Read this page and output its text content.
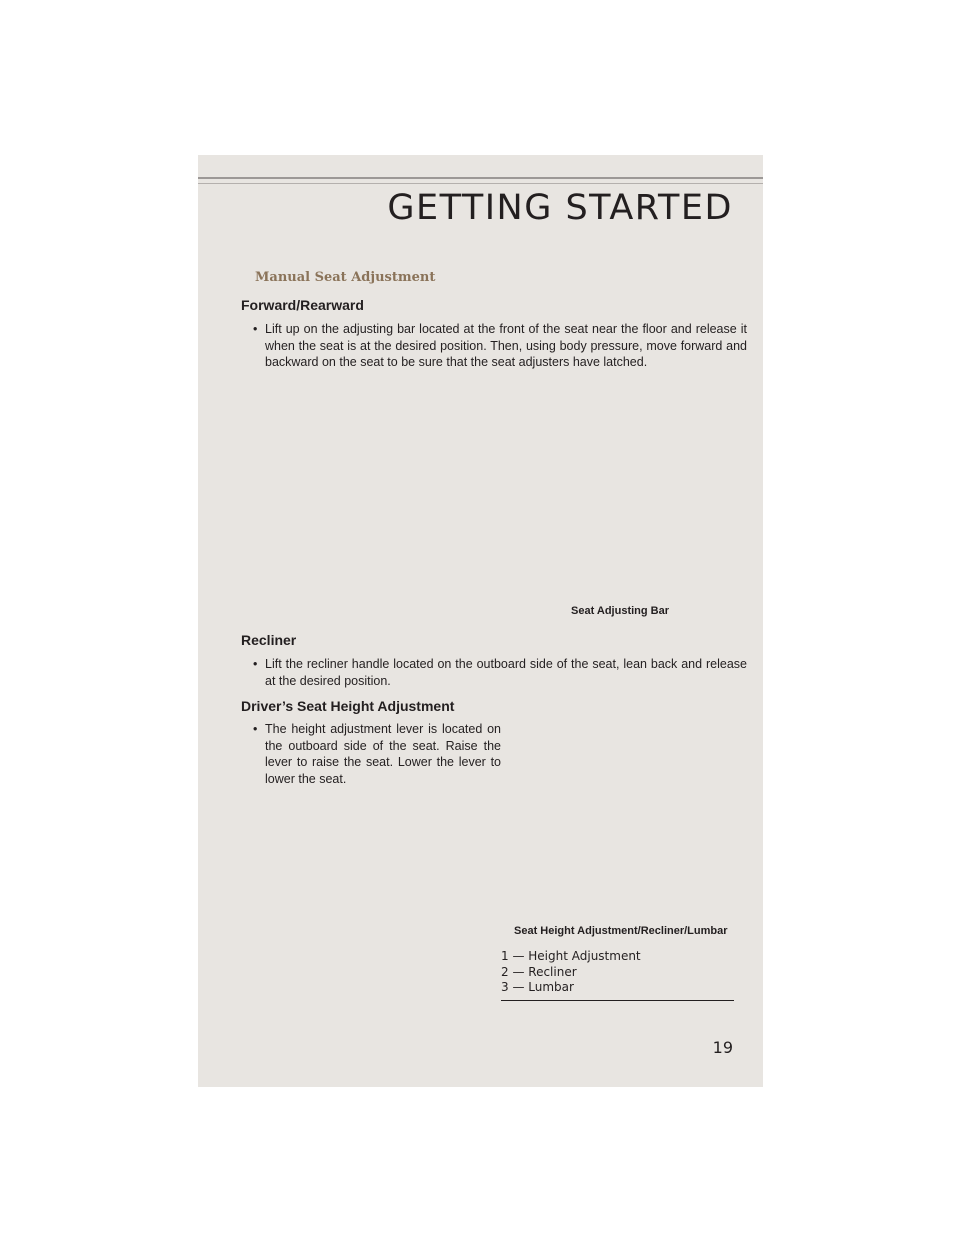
GETTING STARTED
Manual Seat Adjustment
Forward/Rearward

• Lift up on the adjusting bar located at the front of the seat near the floor and release it when the seat is at the desired position. Then, using body pressure, move forward and backward on the seat to be sure that the seat adjusters have latched.

Seat Adjusting Bar
Recliner

• Lift the recliner handle located on the outboard side of the seat, lean back and release at the desired position.

Driver’s Seat Height Adjustment

• The height adjustment lever is located on the outboard side of the seat. Raise the lever to raise the seat. Lower the lever to lower the seat.

Seat Height Adjustment/Recliner/Lumbar
1 — Height Adjustment
2 — Recliner
3 — Lumbar
19
